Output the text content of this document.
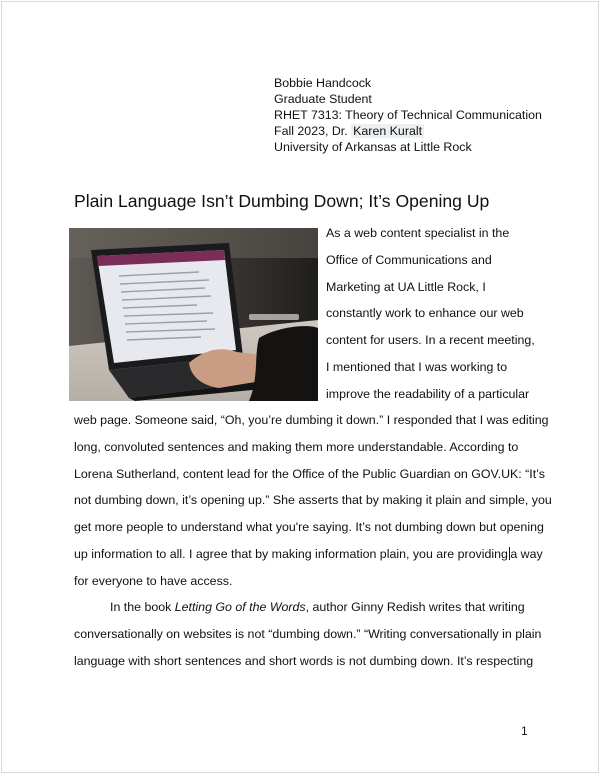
Bobbie Handcock
Graduate Student
RHET 7313: Theory of Technical Communication
Fall 2023, Dr. Karen Kuralt
University of Arkansas at Little Rock
Plain Language Isn’t Dumbing Down; It’s Opening Up
As a web content specialist in the
Office of Communications and
Marketing at UA Little Rock, I
constantly work to enhance our web
content for users. In a recent meeting,
I mentioned that I was working to
improve the readability of a particular
web page. Someone said, “Oh, you’re dumbing it down.” I responded that I was editing
long, convoluted sentences and making them more understandable. According to
Lorena Sutherland, content lead for the Office of the Public Guardian on GOV.UK: “It’s
not dumbing down, it’s opening up.” She asserts that by making it plain and simple, you
get more people to understand what you're saying. It’s not dumbing down but opening
up information to all. I agree that by making information plain, you are providing a way
for everyone to have access.
In the book Letting Go of the Words, author Ginny Redish writes that writing
conversationally on websites is not “dumbing down.” “Writing conversationally in plain
language with short sentences and short words is not dumbing down. It’s respecting
1
